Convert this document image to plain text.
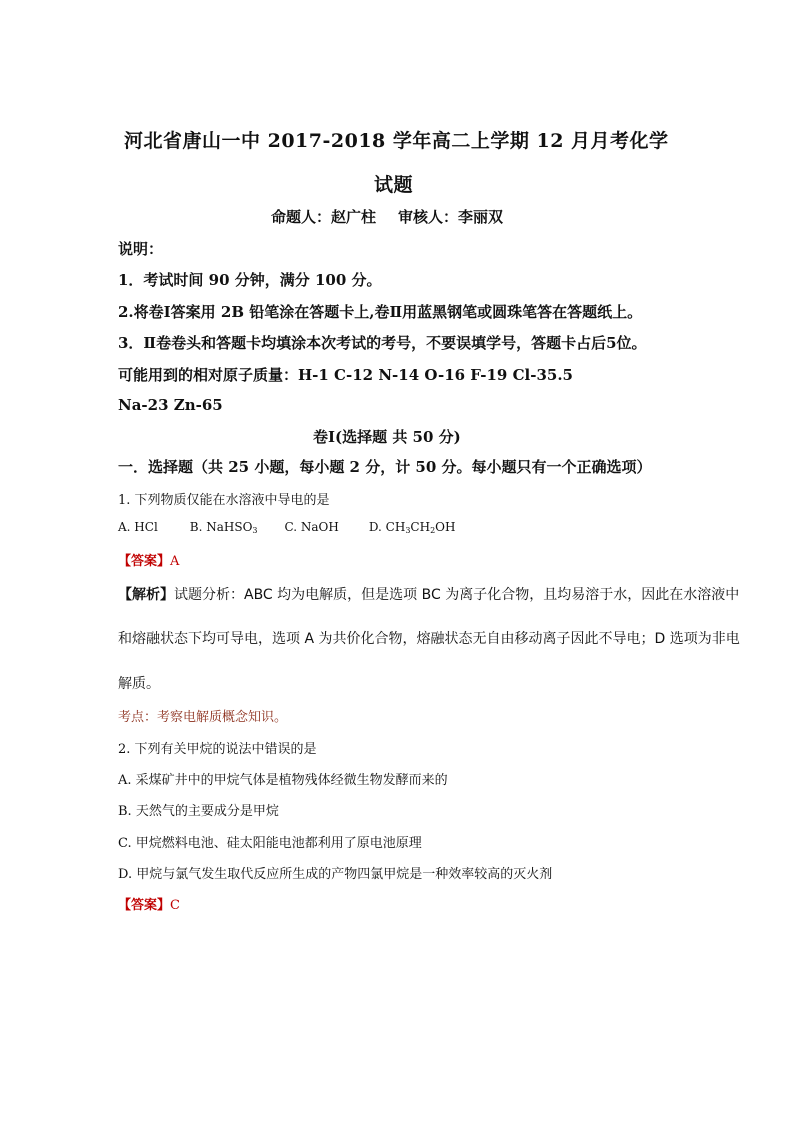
河北省唐山一中 2017-2018 学年高二上学期 12 月月考化学
试题
命题人：赵广柱 审核人：李丽双
说明：
1．考试时间 90 分钟，满分 100 分。
2.将卷Ⅰ答案用 2B 铅笔涂在答题卡上,卷Ⅱ用蓝黑钢笔或圆珠笔答在答题纸上。
3．Ⅱ卷卷头和答题卡均填涂本次考试的考号，不要误填学号，答题卡占后5位。
可能用到的相对原子质量：H-1 C-12 N-14 O-16 F-19 Cl-35.5
Na-23 Zn-65
卷Ⅰ(选择题 共 50 分)
一．选择题（共 25 小题，每小题 2 分，计 50 分。每小题只有一个正确选项）
1. 下列物质仅能在水溶液中导电的是
A. HCl	B. NaHSO$_3$ C. NaOH	D. $CH_3CH_2OH$
【答案】A
【解析】试题分析：ABC 均为电解质，但是选项 BC 为离子化合物，且均易溶于水，因此在水溶液中
和熔融状态下均可导电，选项 A 为共价化合物，熔融状态无自由移动离子因此不导电；D 选项为非电
解质。
考点：考察电解质概念知识。
2. 下列有关甲烷的说法中错误的是
A. 采煤矿井中的甲烷气体是植物残体经微生物发酵而来的
B. 天然气的主要成分是甲烷
C. 甲烷燃料电池、硅太阳能电池都利用了原电池原理
D. 甲烷与氯气发生取代反应所生成的产物四氯甲烷是一种效率较高的灭火剂
【答案】C
